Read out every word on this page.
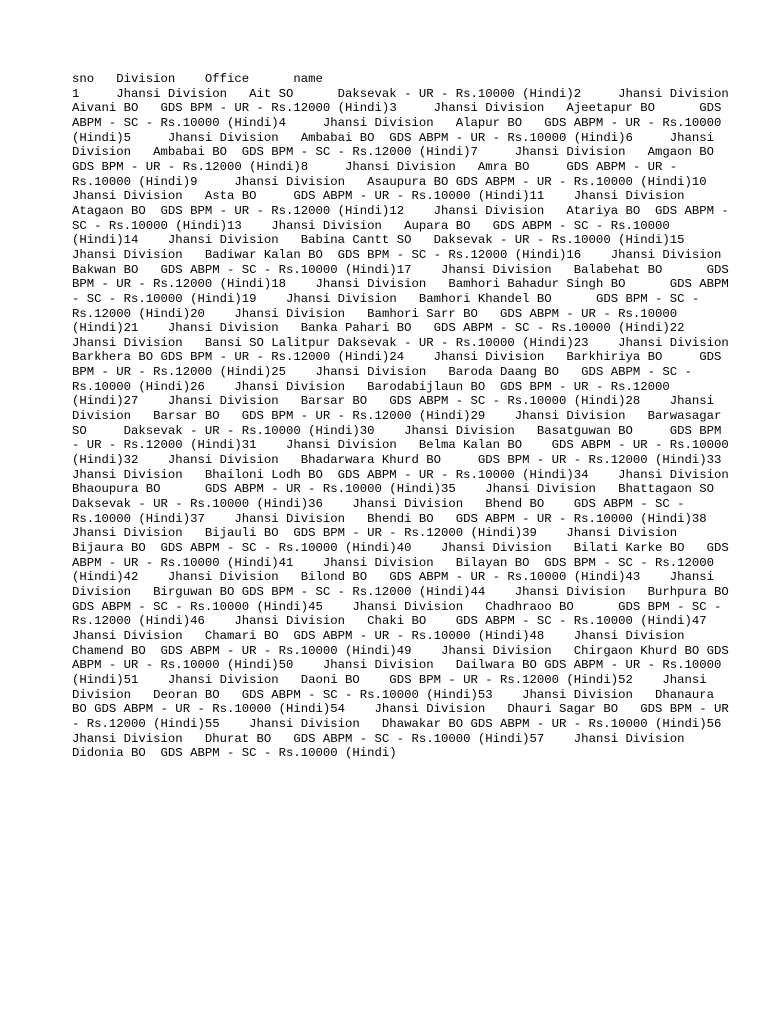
sno   Division    Office      name
1     Jhansi Division   Ait SO      Daksevak - UR - Rs.10000 (Hindi)2     Jhansi Division   Aivani BO   GDS BPM - UR - Rs.12000 (Hindi)3     Jhansi Division   Ajeetapur BO      GDS ABPM - SC - Rs.10000 (Hindi)4     Jhansi Division   Alapur BO   GDS ABPM - UR - Rs.10000 (Hindi)5     Jhansi Division   Ambabai BO  GDS ABPM - UR - Rs.10000 (Hindi)6     Jhansi Division   Ambabai BO  GDS BPM - SC - Rs.12000 (Hindi)7     Jhansi Division   Amgaon BO   GDS BPM - UR - Rs.12000 (Hindi)8     Jhansi Division   Amra BO     GDS ABPM - UR - Rs.10000 (Hindi)9     Jhansi Division   Asaupura BO GDS ABPM - UR - Rs.10000 (Hindi)10    Jhansi Division   Asta BO     GDS ABPM - UR - Rs.10000 (Hindi)11    Jhansi Division   Atagaon BO  GDS BPM - UR - Rs.12000 (Hindi)12    Jhansi Division   Atariya BO  GDS ABPM - SC - Rs.10000 (Hindi)13    Jhansi Division   Aupara BO   GDS ABPM - SC - Rs.10000 (Hindi)14    Jhansi Division   Babina Cantt SO   Daksevak - UR - Rs.10000 (Hindi)15    Jhansi Division   Badiwar Kalan BO  GDS BPM - SC - Rs.12000 (Hindi)16    Jhansi Division   Bakwan BO   GDS ABPM - SC - Rs.10000 (Hindi)17    Jhansi Division   Balabehat BO      GDS BPM - UR - Rs.12000 (Hindi)18    Jhansi Division   Bamhori Bahadur Singh BO      GDS ABPM - SC - Rs.10000 (Hindi)19    Jhansi Division   Bamhori Khandel BO      GDS BPM - SC - Rs.12000 (Hindi)20    Jhansi Division   Bamhori Sarr BO   GDS ABPM - UR - Rs.10000 (Hindi)21    Jhansi Division   Banka Pahari BO   GDS ABPM - SC - Rs.10000 (Hindi)22    Jhansi Division   Bansi SO Lalitpur Daksevak - UR - Rs.10000 (Hindi)23    Jhansi Division   Barkhera BO GDS BPM - UR - Rs.12000 (Hindi)24    Jhansi Division   Barkhiriya BO     GDS BPM - UR - Rs.12000 (Hindi)25    Jhansi Division   Baroda Daang BO   GDS ABPM - SC - Rs.10000 (Hindi)26    Jhansi Division   Barodabijlaun BO  GDS BPM - UR - Rs.12000 (Hindi)27    Jhansi Division   Barsar BO   GDS ABPM - SC - Rs.10000 (Hindi)28    Jhansi Division   Barsar BO   GDS BPM - UR - Rs.12000 (Hindi)29    Jhansi Division   Barwasagar SO     Daksevak - UR - Rs.10000 (Hindi)30    Jhansi Division   Basatguwan BO     GDS BPM - UR - Rs.12000 (Hindi)31    Jhansi Division   Belma Kalan BO    GDS ABPM - UR - Rs.10000 (Hindi)32    Jhansi Division   Bhadarwara Khurd BO     GDS BPM - UR - Rs.12000 (Hindi)33    Jhansi Division   Bhailoni Lodh BO  GDS ABPM - UR - Rs.10000 (Hindi)34    Jhansi Division   Bhaoupura BO      GDS ABPM - UR - Rs.10000 (Hindi)35    Jhansi Division   Bhattagaon SO     Daksevak - UR - Rs.10000 (Hindi)36    Jhansi Division   Bhend BO    GDS ABPM - SC - Rs.10000 (Hindi)37    Jhansi Division   Bhendi BO   GDS ABPM - UR - Rs.10000 (Hindi)38    Jhansi Division   Bijauli BO  GDS BPM - UR - Rs.12000 (Hindi)39    Jhansi Division   Bijaura BO  GDS ABPM - SC - Rs.10000 (Hindi)40    Jhansi Division   Bilati Karke BO   GDS ABPM - UR - Rs.10000 (Hindi)41    Jhansi Division   Bilayan BO  GDS BPM - SC - Rs.12000 (Hindi)42    Jhansi Division   Bilond BO   GDS ABPM - UR - Rs.10000 (Hindi)43    Jhansi Division   Birguwan BO GDS BPM - SC - Rs.12000 (Hindi)44    Jhansi Division   Burhpura BO GDS ABPM - SC - Rs.10000 (Hindi)45    Jhansi Division   Chadhraoo BO      GDS BPM - SC - Rs.12000 (Hindi)46    Jhansi Division   Chaki BO    GDS ABPM - SC - Rs.10000 (Hindi)47    Jhansi Division   Chamari BO  GDS ABPM - UR - Rs.10000 (Hindi)48    Jhansi Division   Chamend BO  GDS ABPM - UR - Rs.10000 (Hindi)49    Jhansi Division   Chirgaon Khurd BO GDS ABPM - UR - Rs.10000 (Hindi)50    Jhansi Division   Dailwara BO GDS ABPM - UR - Rs.10000 (Hindi)51    Jhansi Division   Daoni BO    GDS BPM - UR - Rs.12000 (Hindi)52    Jhansi Division   Deoran BO   GDS ABPM - SC - Rs.10000 (Hindi)53    Jhansi Division   Dhanaura BO GDS ABPM - UR - Rs.10000 (Hindi)54    Jhansi Division   Dhauri Sagar BO   GDS BPM - UR - Rs.12000 (Hindi)55    Jhansi Division   Dhawakar BO GDS ABPM - UR - Rs.10000 (Hindi)56    Jhansi Division   Dhurat BO   GDS ABPM - SC - Rs.10000 (Hindi)57    Jhansi Division   Didonia BO  GDS ABPM - SC - Rs.10000 (Hindi)
